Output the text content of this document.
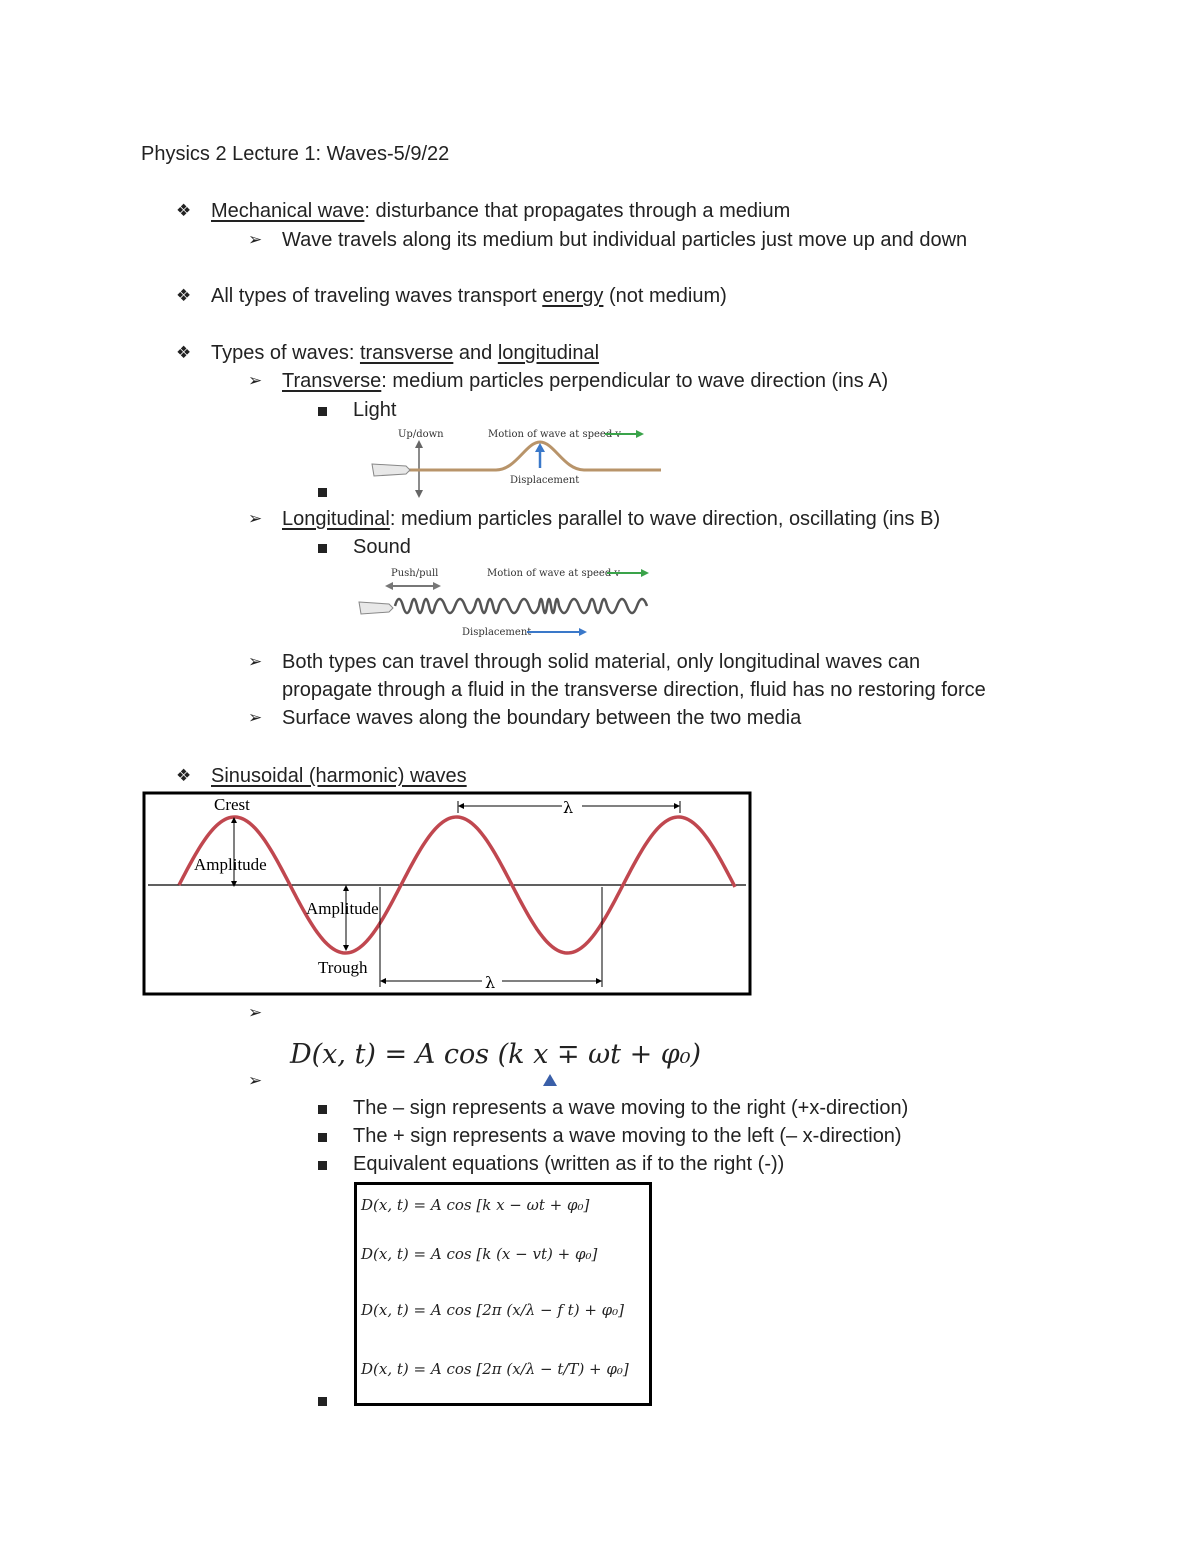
Physics 2 Lecture 1: Waves-5/9/22
❖ Mechanical wave: disturbance that propagates through a medium
➢ Wave travels along its medium but individual particles just move up and down
❖ All types of traveling waves transport energy (not medium)
❖ Types of waves: transverse and longitudinal
➢ Transverse: medium particles perpendicular to wave direction (ins A)
Light
Up/down	Motion of wave at speed v
Displacement
➢ Longitudinal: medium particles parallel to wave direction, oscillating (ins B)
Sound
Push/pull	Motion of wave at speed v
Displacement
➢ Both types can travel through solid material, only longitudinal waves can
propagate through a fluid in the transverse direction, fluid has no restoring force
➢ Surface waves along the boundary between the two media
❖ Sinusoidal (harmonic) waves
Crest
Amplitude
Amplitude
Trough
λ
λ
➢
D(x, t) = A cos (k x ∓ ωt + φ₀)
➢
The – sign represents a wave moving to the right (+x-direction)
The + sign represents a wave moving to the left (– x-direction)
Equivalent equations (written as if to the right (-))
D(x, t) = A cos [k x − ωt + φ₀]
D(x, t) = A cos [k (x − vt) + φ₀]
D(x, t) = A cos [2π (x/λ − f t) + φ₀]
D(x, t) = A cos [2π (x/λ − t/T) + φ₀]
